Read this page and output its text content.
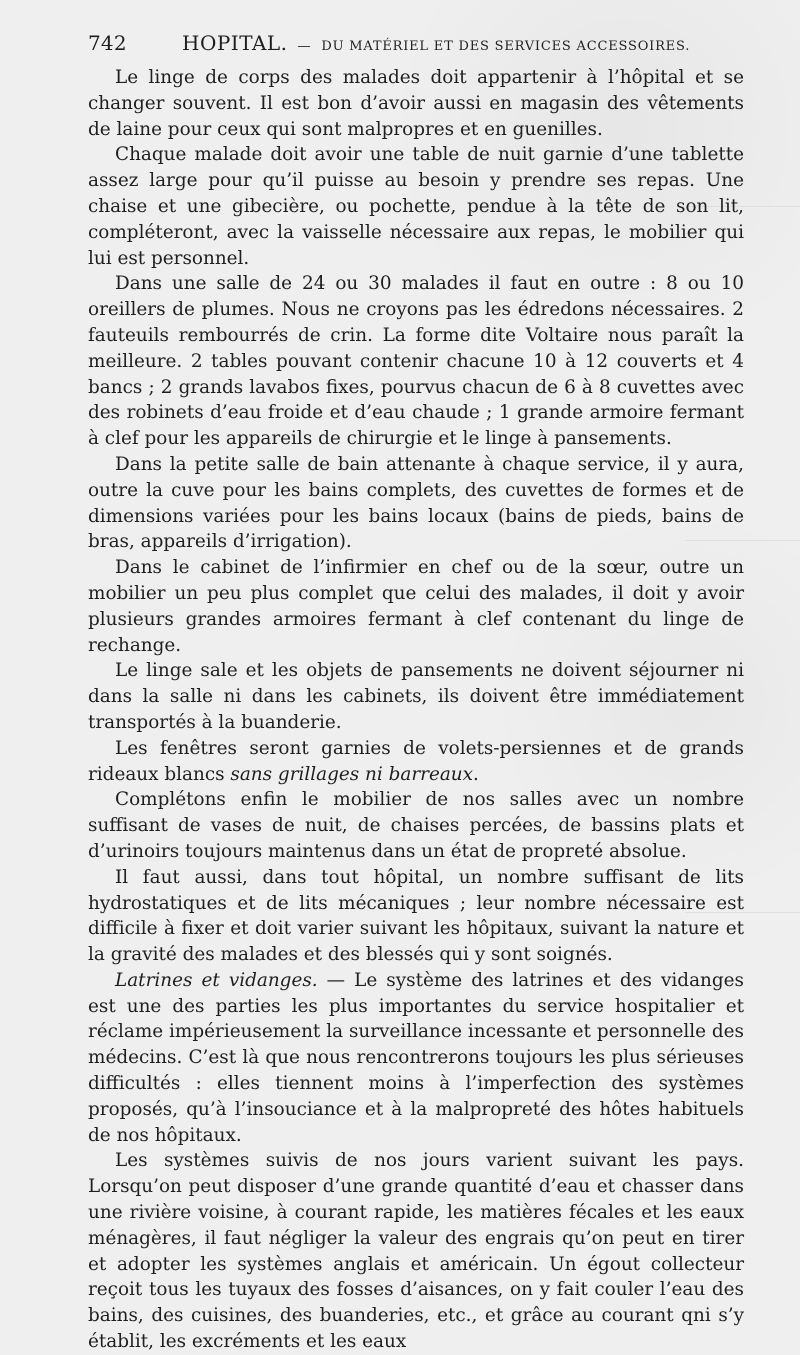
742	HOPITAL. — DU MATÉRIEL ET DES SERVICES ACCESSOIRES.

Le linge de corps des malades doit appartenir à l’hôpital et se changer souvent. Il est bon d’avoir aussi en magasin des vêtements de laine pour ceux qui sont malpropres et en guenilles.

Chaque malade doit avoir une table de nuit garnie d’une tablette assez large pour qu’il puisse au besoin y prendre ses repas. Une chaise et une gibecière, ou pochette, pendue à la tête de son lit, compléteront, avec la vaisselle nécessaire aux repas, le mobilier qui lui est personnel.

Dans une salle de 24 ou 30 malades il faut en outre : 8 ou 10 oreillers de plumes. Nous ne croyons pas les édredons nécessaires. 2 fauteuils rembourrés de crin. La forme dite Voltaire nous paraît la meilleure. 2 tables pouvant contenir chacune 10 à 12 couverts et 4 bancs ; 2 grands lavabos fixes, pourvus chacun de 6 à 8 cuvettes avec des robinets d’eau froide et d’eau chaude ; 1 grande armoire fermant à clef pour les appareils de chirurgie et le linge à pansements.

Dans la petite salle de bain attenante à chaque service, il y aura, outre la cuve pour les bains complets, des cuvettes de formes et de dimensions variées pour les bains locaux (bains de pieds, bains de bras, appareils d’irrigation).

Dans le cabinet de l’infirmier en chef ou de la sœur, outre un mobilier un peu plus complet que celui des malades, il doit y avoir plusieurs grandes armoires fermant à clef contenant du linge de rechange.

Le linge sale et les objets de pansements ne doivent séjourner ni dans la salle ni dans les cabinets, ils doivent être immédiatement transportés à la buanderie.

Les fenêtres seront garnies de volets-persiennes et de grands rideaux blancs sans grillages ni barreaux.

Complétons enfin le mobilier de nos salles avec un nombre suffisant de vases de nuit, de chaises percées, de bassins plats et d’urinoirs toujours maintenus dans un état de propreté absolue.

Il faut aussi, dans tout hôpital, un nombre suffisant de lits hydrostatiques et de lits mécaniques ; leur nombre nécessaire est difficile à fixer et doit varier suivant les hôpitaux, suivant la nature et la gravité des malades et des blessés qui y sont soignés.

Latrines et vidanges. — Le système des latrines et des vidanges est une des parties les plus importantes du service hospitalier et réclame impérieusement la surveillance incessante et personnelle des médecins. C’est là que nous rencontrerons toujours les plus sérieuses difficultés : elles tiennent moins à l’imperfection des systèmes proposés, qu’à l’insouciance et à la malpropreté des hôtes habituels de nos hôpitaux.

Les systèmes suivis de nos jours varient suivant les pays. Lorsqu’on peut disposer d’une grande quantité d’eau et chasser dans une rivière voisine, à courant rapide, les matières fécales et les eaux ménagères, il faut négliger la valeur des engrais qu’on peut en tirer et adopter les systèmes anglais et américain. Un égout collecteur reçoit tous les tuyaux des fosses d’aisances, on y fait couler l’eau des bains, des cuisines, des buanderies, etc., et grâce au courant qni s’y établit, les excréments et les eaux
